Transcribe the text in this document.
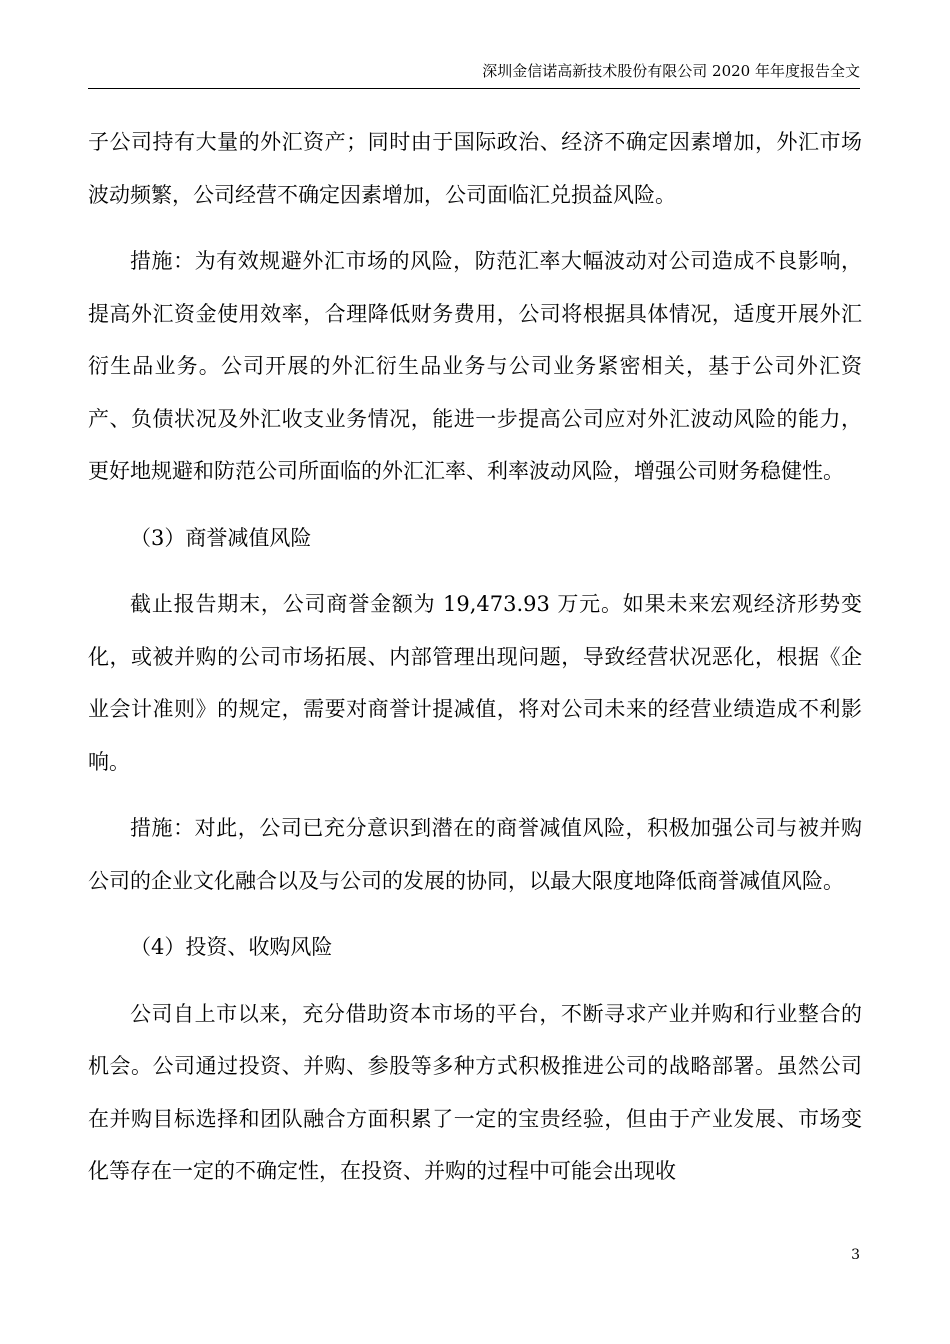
深圳金信诺高新技术股份有限公司 2020 年年度报告全文

子公司持有大量的外汇资产；同时由于国际政治、经济不确定因素增加，外汇市场波动频繁，公司经营不确定因素增加，公司面临汇兑损益风险。

措施：为有效规避外汇市场的风险，防范汇率大幅波动对公司造成不良影响，提高外汇资金使用效率，合理降低财务费用，公司将根据具体情况，适度开展外汇衍生品业务。公司开展的外汇衍生品业务与公司业务紧密相关，基于公司外汇资产、负债状况及外汇收支业务情况，能进一步提高公司应对外汇波动风险的能力，更好地规避和防范公司所面临的外汇汇率、利率波动风险，增强公司财务稳健性。

（3）商誉减值风险

截止报告期末，公司商誉金额为 19,473.93 万元。如果未来宏观经济形势变化，或被并购的公司市场拓展、内部管理出现问题，导致经营状况恶化，根据《企业会计准则》的规定，需要对商誉计提减值，将对公司未来的经营业绩造成不利影响。

措施：对此，公司已充分意识到潜在的商誉减值风险，积极加强公司与被并购公司的企业文化融合以及与公司的发展的协同，以最大限度地降低商誉减值风险。

（4）投资、收购风险

公司自上市以来，充分借助资本市场的平台，不断寻求产业并购和行业整合的机会。公司通过投资、并购、参股等多种方式积极推进公司的战略部署。虽然公司在并购目标选择和团队融合方面积累了一定的宝贵经验，但由于产业发展、市场变化等存在一定的不确定性，在投资、并购的过程中可能会出现收

3
